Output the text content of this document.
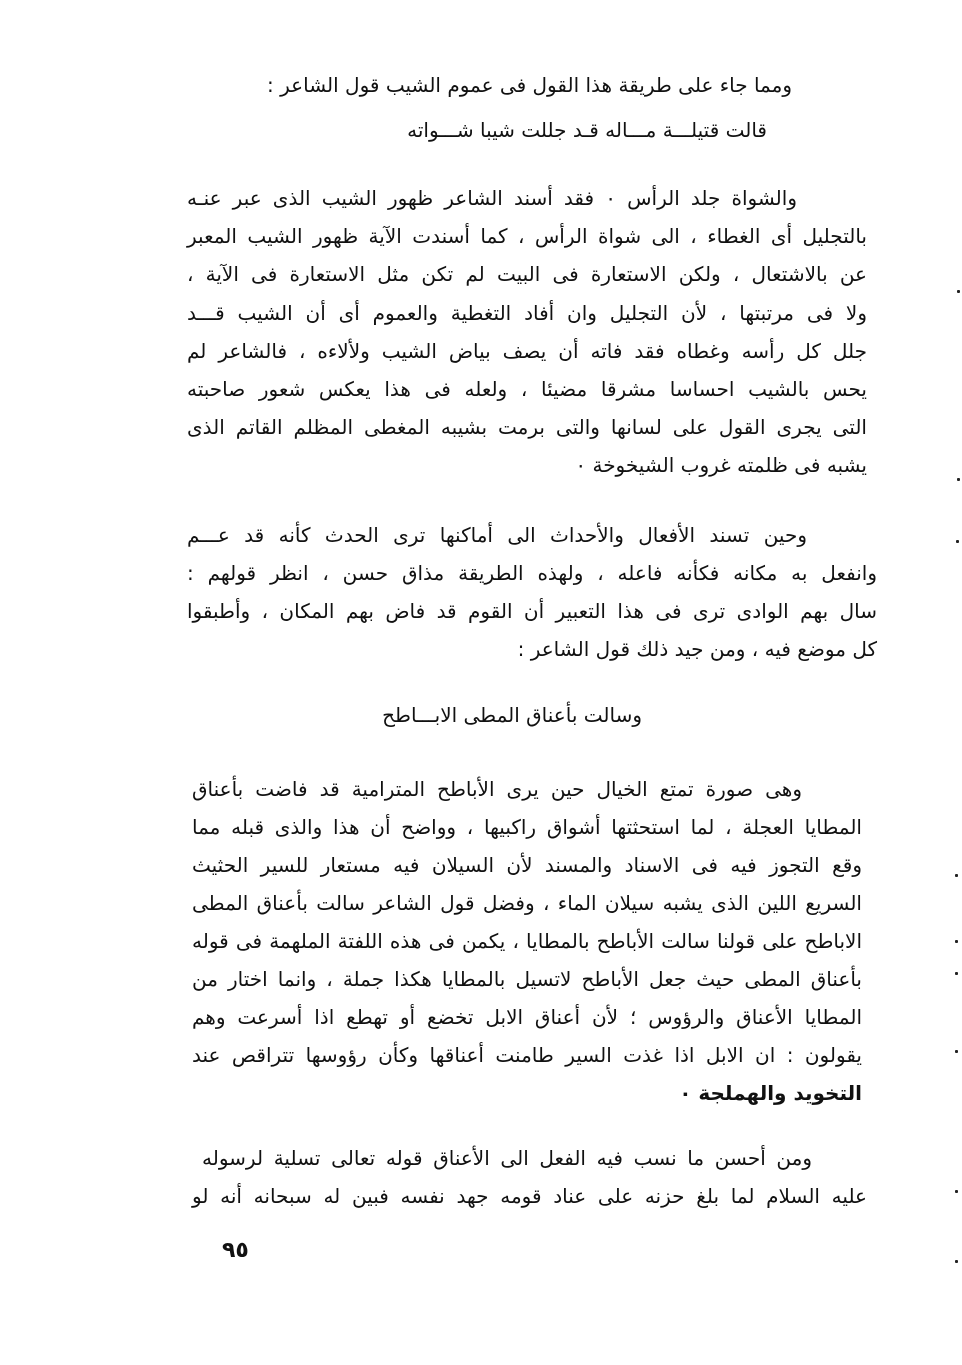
ومما جاء على طريقة هذا القول فى عموم الشيب قول الشاعر :
قالت قتيلـــة مـــاله قـد جللت شيبا شـــواته
والشواة جلد الرأس ٠ فقد أسند الشاعر ظهور الشيب الذى عبر عنـه
بالتجليل أى الغطاء ، الى شواة الرأس ، كما أسندت الآية ظهور الشيب المعبر
عن بالاشتعال ، ولكن الاستعارة فى البيت لم تكن مثل الاستعارة فى الآية ،
ولا فى مرتبتها ، لأن التجليل وان أفاد التغطية والعموم أى أن الشيب قـــد
جلل كل رأسه وغطاه فقد فاته أن يصف بياض الشيب ولألاءه ، فالشاعر لم
يحس بالشيب احساسا مشرقا مضيئا ، ولعله فى هذا يعكس شعور صاحبته
التى يجرى القول على لسانها والتى برمت بشيبه المغطى المظلم القاتم الذى
يشبه فى ظلمته غروب الشيخوخة ٠
وحين تسند الأفعال والأحداث الى أماكنها ترى الحدث كأنه قد عـــم
وانفعل به مكانه فكأنه فاعله ، ولهذه الطريقة مذاق حسن ، انظر قولهم :
سال بهم الوادى ترى فى هذا التعبير أن القوم قد فاض بهم المكان ، وأطبقوا
كل موضع فيه ، ومن جيد ذلك قول الشاعر :
وسالت بأعناق المطى الابـــاطح
وهى صورة تمتع الخيال حين يرى الأباطح المترامية قد فاضت بأعناق
المطايا العجلة ، لما استحثتها أشواق راكبيها ، وواضح أن هذا والذى قبله مما
وقع التجوز فيه فى الاسناد والمسند لأن السيلان فيه مستعار للسير الحثيث
السريع اللين الذى يشبه سيلان الماء ، وفضل قول الشاعر سالت بأعناق المطى
الاباطح على قولنا سالت الأباطح بالمطايا ، يكمن فى هذه اللفتة الملهمة فى قوله
بأعناق المطى حيث جعل الأباطح لاتسيل بالمطايا هكذا جملة ، وانما اختار من
المطايا الأعناق والرؤوس ؛ لأن أعناق الابل تخضع أو تهطع اذا أسرعت وهم
يقولون : ان الابل اذا غذت السير طامنت أعناقها وكأن رؤوسها تتراقص عند
التخويد والهملجة ٠
ومن أحسن ما نسب فيه الفعل الى الأعناق قوله تعالى تسلية لرسوله
عليه السلام لما بلغ حزنه على عناد قومه جهد نفسه فبين له سبحانه أنه لو
٩٥
